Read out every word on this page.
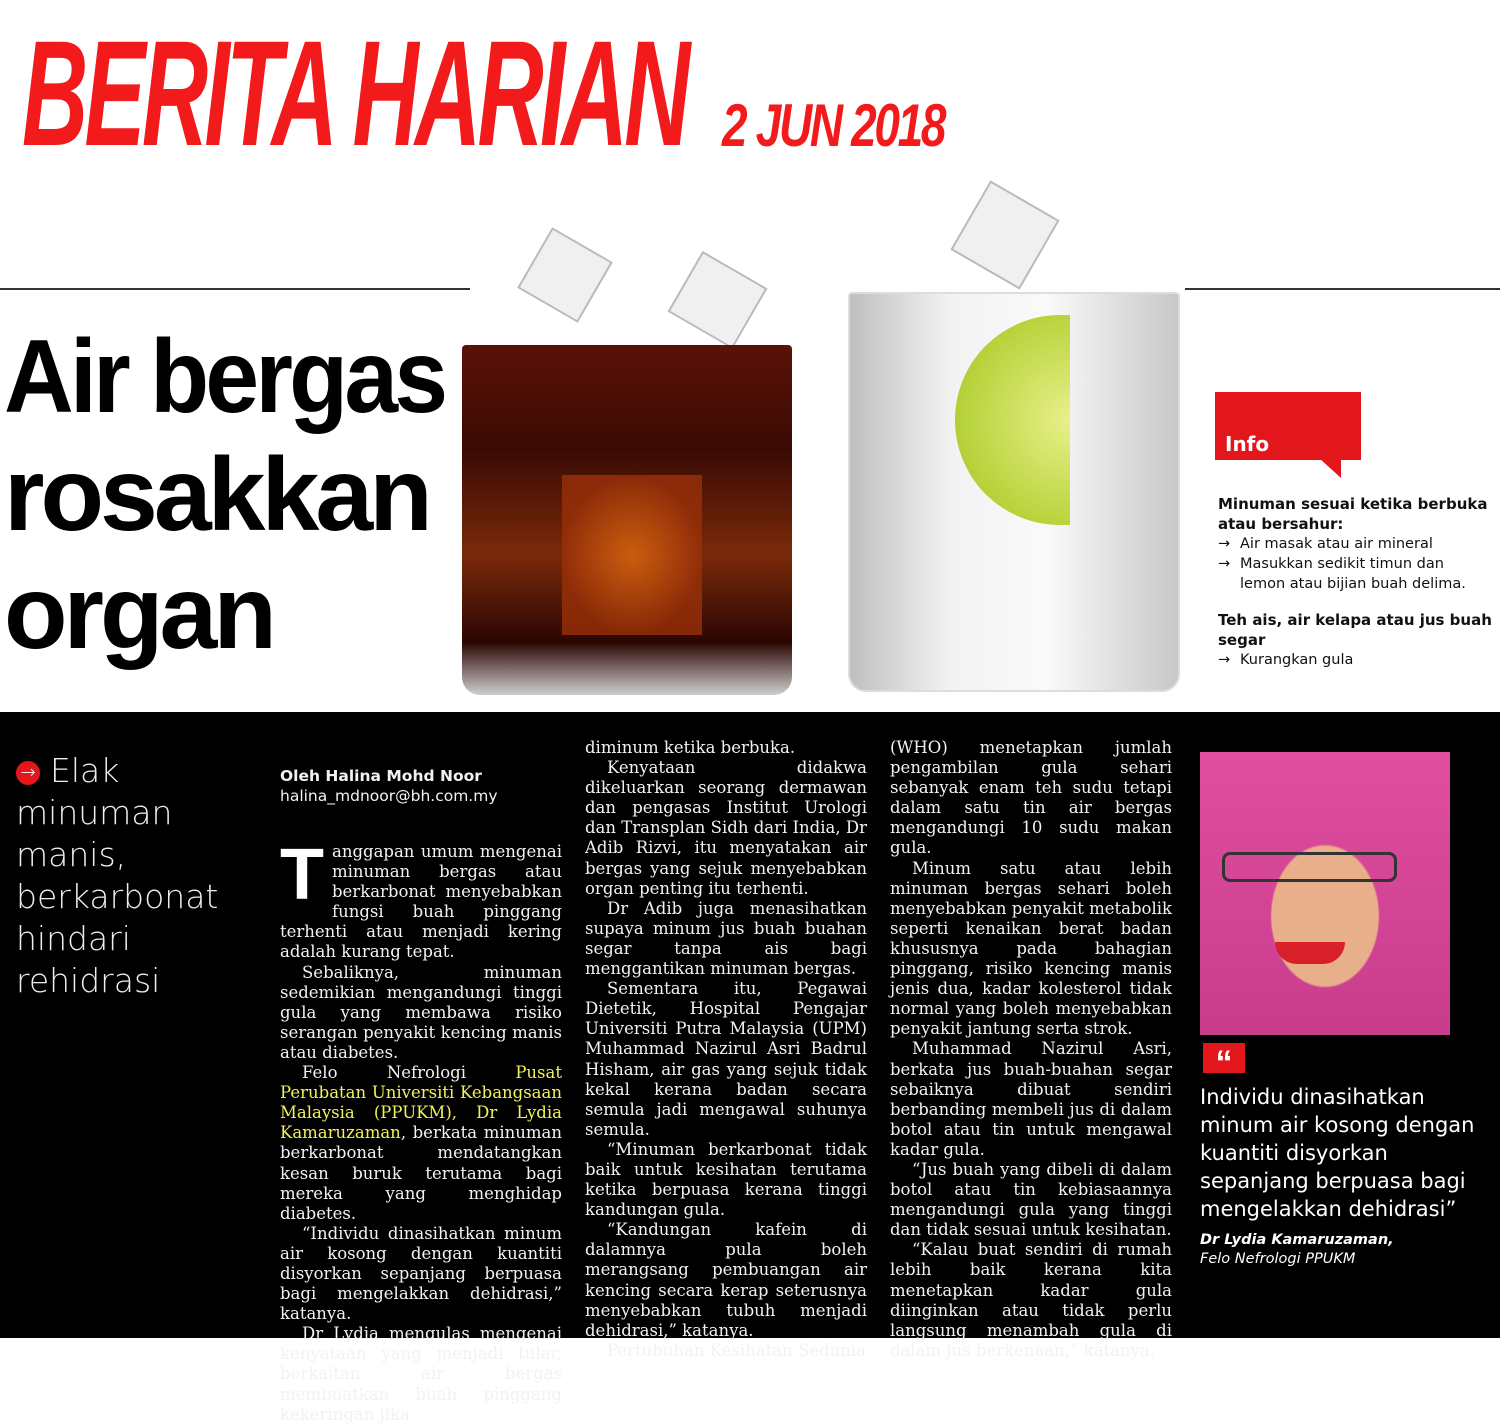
BERITA HARIAN 2 JUN 2018
Air bergas
rosakkan
organ
Info
Minuman sesuai ketika berbuka atau bersahur:
→ Air masak atau air mineral
→ Masukkan sedikit timun dan lemon atau bijian buah delima.
Teh ais, air kelapa atau jus buah segar
→ Kurangkan gula
→ Elak minuman manis, berkarbonat hindari rehidrasi
Oleh Halina Mohd Noor
halina_mdnoor@bh.com.my

Tanggapan umum mengenai minuman bergas atau berkarbonat menyebabkan fungsi buah pinggang terhenti atau menjadi kering adalah kurang tepat.

Sebaliknya, minuman sedemikian mengandungi tinggi gula yang membawa risiko serangan penyakit kencing manis atau diabetes.

Felo Nefrologi Pusat Perubatan Universiti Kebangsaan Malaysia (PPUKM), Dr Lydia Kamaruzaman, berkata minuman berkarbonat mendatangkan kesan buruk terutama bagi mereka yang menghidap diabetes.

“Individu dinasihatkan minum air kosong dengan kuantiti disyorkan sepanjang berpuasa bagi mengelakkan dehidrasi,” katanya.

Dr Lydia mengulas mengenai kenyataan yang menjadi tular, berkaitan air bergas membuatkan buah pinggang kekeringan jika

diminum ketika berbuka.

Kenyataan didakwa dikeluarkan seorang dermawan dan pengasas Institut Urologi dan Transplan Sidh dari India, Dr Adib Rizvi, itu menyatakan air bergas yang sejuk menyebabkan organ penting itu terhenti.

Dr Adib juga menasihatkan supaya minum jus buah buahan segar tanpa ais bagi menggantikan minuman bergas.

Sementara itu, Pegawai Dietetik, Hospital Pengajar Universiti Putra Malaysia (UPM) Muhammad Nazirul Asri Badrul Hisham, air gas yang sejuk tidak kekal kerana badan secara semula jadi mengawal suhunya semula.

“Minuman berkarbonat tidak baik untuk kesihatan terutama ketika berpuasa kerana tinggi kandungan gula.

“Kandungan kafein di dalamnya pula boleh merangsang pembuangan air kencing secara kerap seterusnya menyebabkan tubuh menjadi dehidrasi,” katanya.

Pertubuhan Kesihatan Sedunia

(WHO) menetapkan jumlah pengambilan gula sehari sebanyak enam teh sudu tetapi dalam satu tin air bergas mengandungi 10 sudu makan gula.

Minum satu atau lebih minuman bergas sehari boleh menyebabkan penyakit metabolik seperti kenaikan berat badan khususnya pada bahagian pinggang, risiko kencing manis jenis dua, kadar kolesterol tidak normal yang boleh menyebabkan penyakit jantung serta strok.

Muhammad Nazirul Asri, berkata jus buah-buahan segar sebaiknya dibuat sendiri berbanding membeli jus di dalam botol atau tin untuk mengawal kadar gula.

“Jus buah yang dibeli di dalam botol atau tin kebiasaannya mengandungi gula yang tinggi dan tidak sesuai untuk kesihatan.

“Kalau buat sendiri di rumah lebih baik kerana kita menetapkan kadar gula diinginkan atau tidak perlu langsung menambah gula di dalam jus berkenaan,” katanya.

“
Individu dinasihatkan minum air kosong dengan kuantiti disyorkan sepanjang berpuasa bagi mengelakkan dehidrasi”
Dr Lydia Kamaruzaman,
Felo Nefrologi PPUKM
